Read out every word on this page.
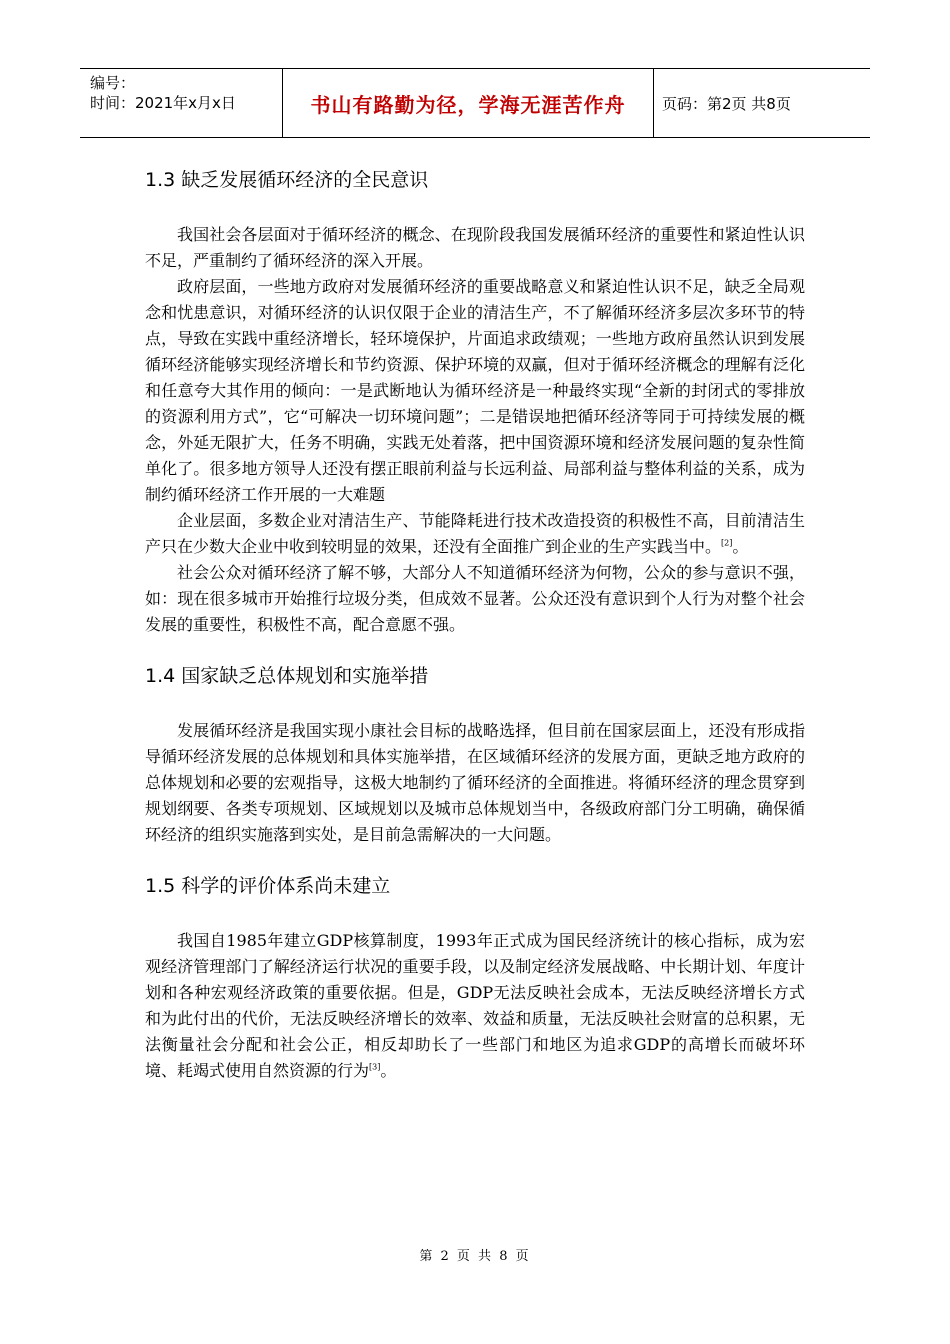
编号：
时间：2021年x月x日	书山有路勤为径，学海无涯苦作舟	页码：第2页 共8页
1.3 缺乏发展循环经济的全民意识

我国社会各层面对于循环经济的概念、在现阶段我国发展循环经济的重要性和紧迫性认识不足，严重制约了循环经济的深入开展。

政府层面，一些地方政府对发展循环经济的重要战略意义和紧迫性认识不足，缺乏全局观念和忧患意识，对循环经济的认识仅限于企业的清洁生产，不了解循环经济多层次多环节的特点，导致在实践中重经济增长，轻环境保护，片面追求政绩观；一些地方政府虽然认识到发展循环经济能够实现经济增长和节约资源、保护环境的双赢，但对于循环经济概念的理解有泛化和任意夸大其作用的倾向：一是武断地认为循环经济是一种最终实现“全新的封闭式的零排放的资源利用方式”，它“可解决一切环境问题”；二是错误地把循环经济等同于可持续发展的概念，外延无限扩大，任务不明确，实践无处着落，把中国资源环境和经济发展问题的复杂性简单化了。很多地方领导人还没有摆正眼前利益与长远利益、局部利益与整体利益的关系，成为制约循环经济工作开展的一大难题

企业层面，多数企业对清洁生产、节能降耗进行技术改造投资的积极性不高，目前清洁生产只在少数大企业中收到较明显的效果，还没有全面推广到企业的生产实践当中。[2]。

社会公众对循环经济了解不够，大部分人不知道循环经济为何物，公众的参与意识不强，如：现在很多城市开始推行垃圾分类，但成效不显著。公众还没有意识到个人行为对整个社会发展的重要性，积极性不高，配合意愿不强。

1.4 国家缺乏总体规划和实施举措

发展循环经济是我国实现小康社会目标的战略选择，但目前在国家层面上，还没有形成指导循环经济发展的总体规划和具体实施举措，在区域循环经济的发展方面，更缺乏地方政府的总体规划和必要的宏观指导，这极大地制约了循环经济的全面推进。将循环经济的理念贯穿到规划纲要、各类专项规划、区域规划以及城市总体规划当中，各级政府部门分工明确，确保循环经济的组织实施落到实处，是目前急需解决的一大问题。

1.5 科学的评价体系尚未建立

我国自1985年建立GDP核算制度，1993年正式成为国民经济统计的核心指标，成为宏观经济管理部门了解经济运行状况的重要手段，以及制定经济发展战略、中长期计划、年度计划和各种宏观经济政策的重要依据。但是，GDP无法反映社会成本，无法反映经济增长方式和为此付出的代价，无法反映经济增长的效率、效益和质量，无法反映社会财富的总积累，无法衡量社会分配和社会公正，相反却助长了一些部门和地区为追求GDP的高增长而破坏环境、耗竭式使用自然资源的行为[3]。

第 2 页 共 8 页
